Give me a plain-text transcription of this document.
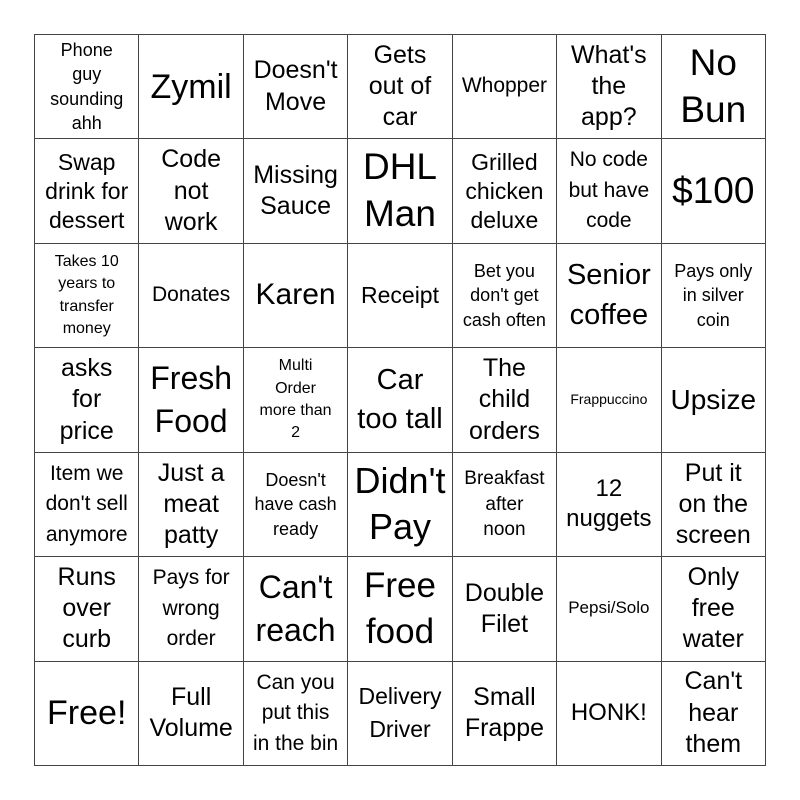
Phone
guy
sounding
ahh
Zymil Doesn't
Move
Gets
out of
car
Whopper
What's
the
app?
No
Bun
Swap
drink for
dessert
Code
not
work
Missing
Sauce
DHL
Man
Grilled
chicken
deluxe
No code
but have
code
$100
Takes 10
years to
transfer
money
Donates Karen Receipt
Bet you
don't get
cash often
Senior
coffee
Pays only
in silver
coin
asks
for
price
Fresh
Food
Multi
Order
more than
2
Car
too tall
The
child
orders
Frappuccino Upsize
Item we
don't sell
anymore
Just a
meat
patty
Doesn't
have cash
ready
Didn't
Pay
Breakfast
after
noon
12
nuggets
Put it
on the
screen
Runs
over
curb
Pays for
wrong
order
Can't
reach
Free
food
Double
Filet
Pepsi/Solo
Only
free
water
Free!	Full
Volume
Can you
put this
in the bin
Delivery
Driver
Small
Frappe
HONK!
Can't
hear
them
